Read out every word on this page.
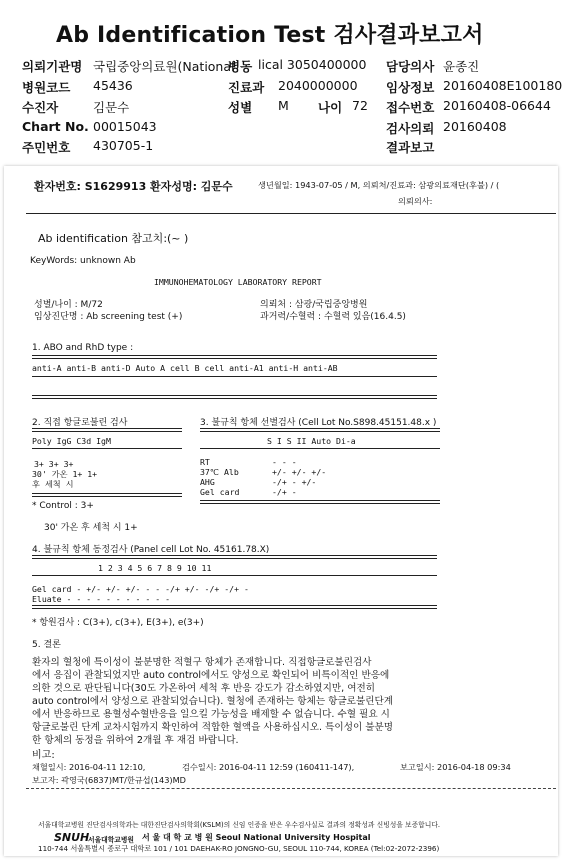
Ab Identification Test 검사결과보고서
의뢰기관명 국립중앙의료원(National
병동 lical 3050400000 담당의사 윤종진
병원코드 45436	진료과 2040000000 임상정보 20160408E100180
수진자	김문수	성별 M 나이 72 접수번호 20160408-06644
Chart No. 00015043	검사의뢰 20160408
주민번호 430705-1	결과보고
환자번호: S1629913 환자성명: 김문수	생년월일: 1943-07-05 / M, 의뢰처/진료과: 삼광의료재단(후불) / (
의뢰의사:
Ab identification 참고치:(~ )
KeyWords: unknown Ab
IMMUNOHEMATOLOGY LABORATORY REPORT
성별/나이 : M/72
임상진단명 : Ab screening test (+)
의뢰처 : 삼광/국립중앙병원
과거력/수혈력 : 수혈력 있음(16.4.5)
1. ABO and RhD type :
anti-A anti-B anti-D Auto A cell B cell anti-A1 anti-H anti-AB
2. 직접 항글로불린 검사
Poly IgG C3d IgM
3+ 3+ 3+
30' 가온 1+ 1+
후 세척 시
* Control : 3+
30' 가온 후 세척 시 1+
3. 불규칙 항체 선별검사 (Cell Lot No.S898.45151.48.x )
S I S II Auto Di-a
RT	- - -
37℃ Alb	+/- +/- +/-
AHG	-/+ - +/-
Gel card	-/+ -
4. 불규칙 항체 동정검사 (Panel cell Lot No. 45161.78.X)
1 2 3 4 5 6 7 8 9 10 11
Gel card - +/- +/- +/- - - -/+ +/- -/+ -/+ -
Eluate - - - - - - - - - - -
* 항원검사 : C(3+), c(3+), E(3+), e(3+)
5. 결론
환자의 혈청에 특이성이 불분명한 적혈구 항체가 존재합니다. 직접항글로불린검사
에서 응집이 관찰되었지만 auto control에서도 양성으로 확인되어 비특이적인 반응에
의한 것으로 판단됩니다(30도 가온하여 세척 후 반응 강도가 감소하였지만, 여전히
auto control에서 양성으로 관찰되었습니다). 혈청에 존재하는 항체는 항글로불린단계
에서 반응하므로 용혈성수혈반응을 일으킬 가능성을 배제할 수 없습니다. 수혈 필요 시
항글로불린 단계 교차시험까지 확인하여 적합한 혈액을 사용하십시오. 특이성이 불분명
한 항체의 동정을 위하여 2개월 후 재검 바랍니다.
비고:
채혈일시: 2016-04-11 12:10,	검수일시: 2016-04-11 12:59 (160411-147),	보고일시: 2016-04-18 09:34
보고자: 곽영국(6837)MT/한규섭(143)MD
서울대학교병원 진단검사의학과는 대한진단검사의학회(KSLM)의 신임 인증을 받은 우수검사실로 결과의 정확성과 신빙성을 보증합니다.
SNUH
서울대학교병원 서 울 대 학 교 병 원 Seoul National University Hospital
110-744 서울특별시 종로구 대학로 101 / 101 DAEHAK-RO JONGNO-GU, SEOUL 110-744, KOREA (Tel:02-2072-2396)
